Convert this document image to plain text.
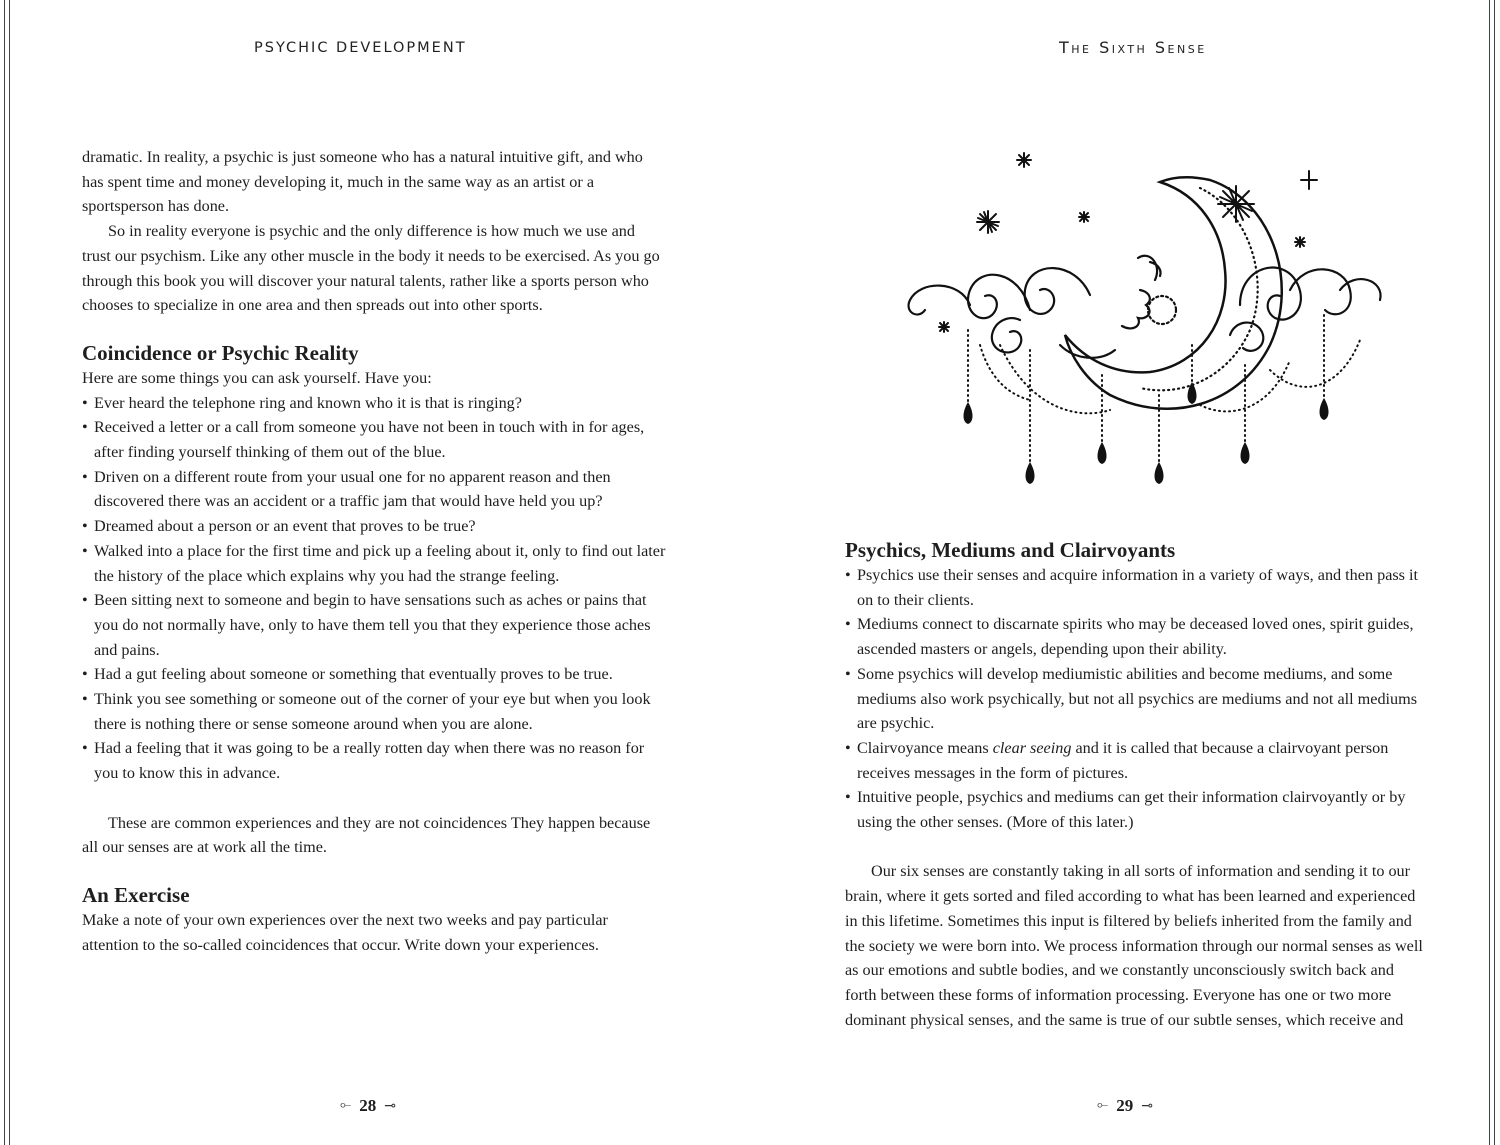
PSYCHIC DEVELOPMENT

dramatic. In reality, a psychic is just someone who has a natural intuitive gift, and who has spent time and money developing it, much in the same way as an artist or a sportsperson has done.

So in reality everyone is psychic and the only difference is how much we use and trust our psychism. Like any other muscle in the body it needs to be exercised. As you go through this book you will discover your natural talents, rather like a sports person who chooses to specialize in one area and then spreads out into other sports.

Coincidence or Psychic Reality

Here are some things you can ask yourself. Have you:

• Ever heard the telephone ring and known who it is that is ringing?
• Received a letter or a call from someone you have not been in touch with in for ages, after finding yourself thinking of them out of the blue.
• Driven on a different route from your usual one for no apparent reason and then discovered there was an accident or a traffic jam that would have held you up?
• Dreamed about a person or an event that proves to be true?
• Walked into a place for the first time and pick up a feeling about it, only to find out later the history of the place which explains why you had the strange feeling.
• Been sitting next to someone and begin to have sensations such as aches or pains that you do not normally have, only to have them tell you that they experience those aches and pains.
• Had a gut feeling about someone or something that eventually proves to be true.
• Think you see something or someone out of the corner of your eye but when you look there is nothing there or sense someone around when you are alone.
• Had a feeling that it was going to be a really rotten day when there was no reason for you to know this in advance.

These are common experiences and they are not coincidences They happen because all our senses are at work all the time.

An Exercise

Make a note of your own experiences over the next two weeks and pay particular attention to the so-called coincidences that occur. Write down your experiences.

⟜ 28 ⊸
The Sixth Sense
Psychics, Mediums and Clairvoyants
• Psychics use their senses and acquire information in a variety of ways, and then pass it on to their clients.
• Mediums connect to discarnate spirits who may be deceased loved ones, spirit guides, ascended masters or angels, depending upon their ability.
• Some psychics will develop mediumistic abilities and become mediums, and some mediums also work psychically, but not all psychics are mediums and not all mediums are psychic.
• Clairvoyance means clear seeing and it is called that because a clairvoyant person receives messages in the form of pictures.
• Intuitive people, psychics and mediums can get their information clairvoyantly or by using the other senses. (More of this later.)

Our six senses are constantly taking in all sorts of information and sending it to our brain, where it gets sorted and filed according to what has been learned and experienced in this lifetime. Sometimes this input is filtered by beliefs inherited from the family and the society we were born into. We process information through our normal senses as well as our emotions and subtle bodies, and we constantly unconsciously switch back and forth between these forms of information processing. Everyone has one or two more dominant physical senses, and the same is true of our subtle senses, which receive and

⟜ 29 ⊸
